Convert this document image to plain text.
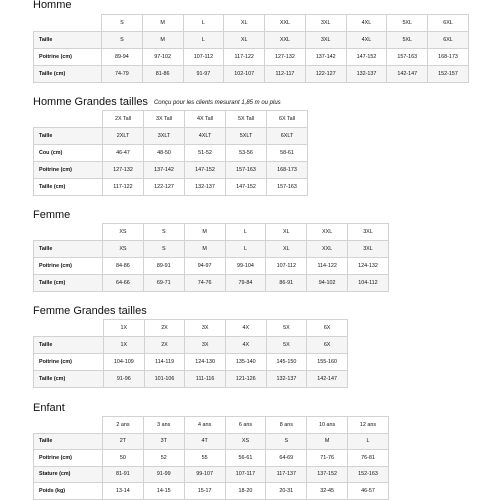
Homme
	S	M	L	XL	XXL	3XL	4XL	5XL	6XL
Taille	S	M	L	XL	XXL	3XL	4XL	5XL	6XL
Poitrine (cm)	89-94	97-102	107-112	117-122	127-132	137-142	147-152	157-163	168-173
Taille (cm)	74-79	81-86	91-97	102-107	112-117	122-127	132-137	142-147	152-157
Homme Grandes tailles Conçu pour les clients mesurant 1,85 m ou plus
	2X Tall	3X Tall	4X Tall	5X Tall	6X Tall
Taille	2XLT	3XLT	4XLT	5XLT	6XLT
Cou (cm)	46-47	48-50	51-52	53-56	58-61
Poitrine (cm)	127-132	137-142	147-152	157-163	168-173
Taille (cm)	117-122	122-127	132-137	147-152	157-163
Femme
	XS	S	M	L	XL	XXL	3XL
Taille	XS	S	M	L	XL	XXL	3XL
Poitrine (cm)	84-86	89-91	94-97	99-104	107-112	114-122	124-132
Taille (cm)	64-66	69-71	74-76	79-84	86-91	94-102	104-112
Femme Grandes tailles
	1X	2X	3X	4X	5X	6X
Taille	1X	2X	3X	4X	5X	6X
Poitrine (cm)	104-109	114-119	124-130	135-140	145-150	155-160
Taille (cm)	91-96	101-106	111-116	121-126	132-137	142-147
Enfant
	2 ans	3 ans	4 ans	6 ans	8 ans	10 ans	12 ans
Taille	2T	3T	4T	XS	S	M	L
Poitrine (cm)	50	52	55	56-61	64-69	71-76	76-81
Stature (cm)	81-91	91-99	99-107	107-117	117-137	137-152	152-163
Poids (kg)	13-14	14-15	15-17	18-20	20-31	32-45	46-57
